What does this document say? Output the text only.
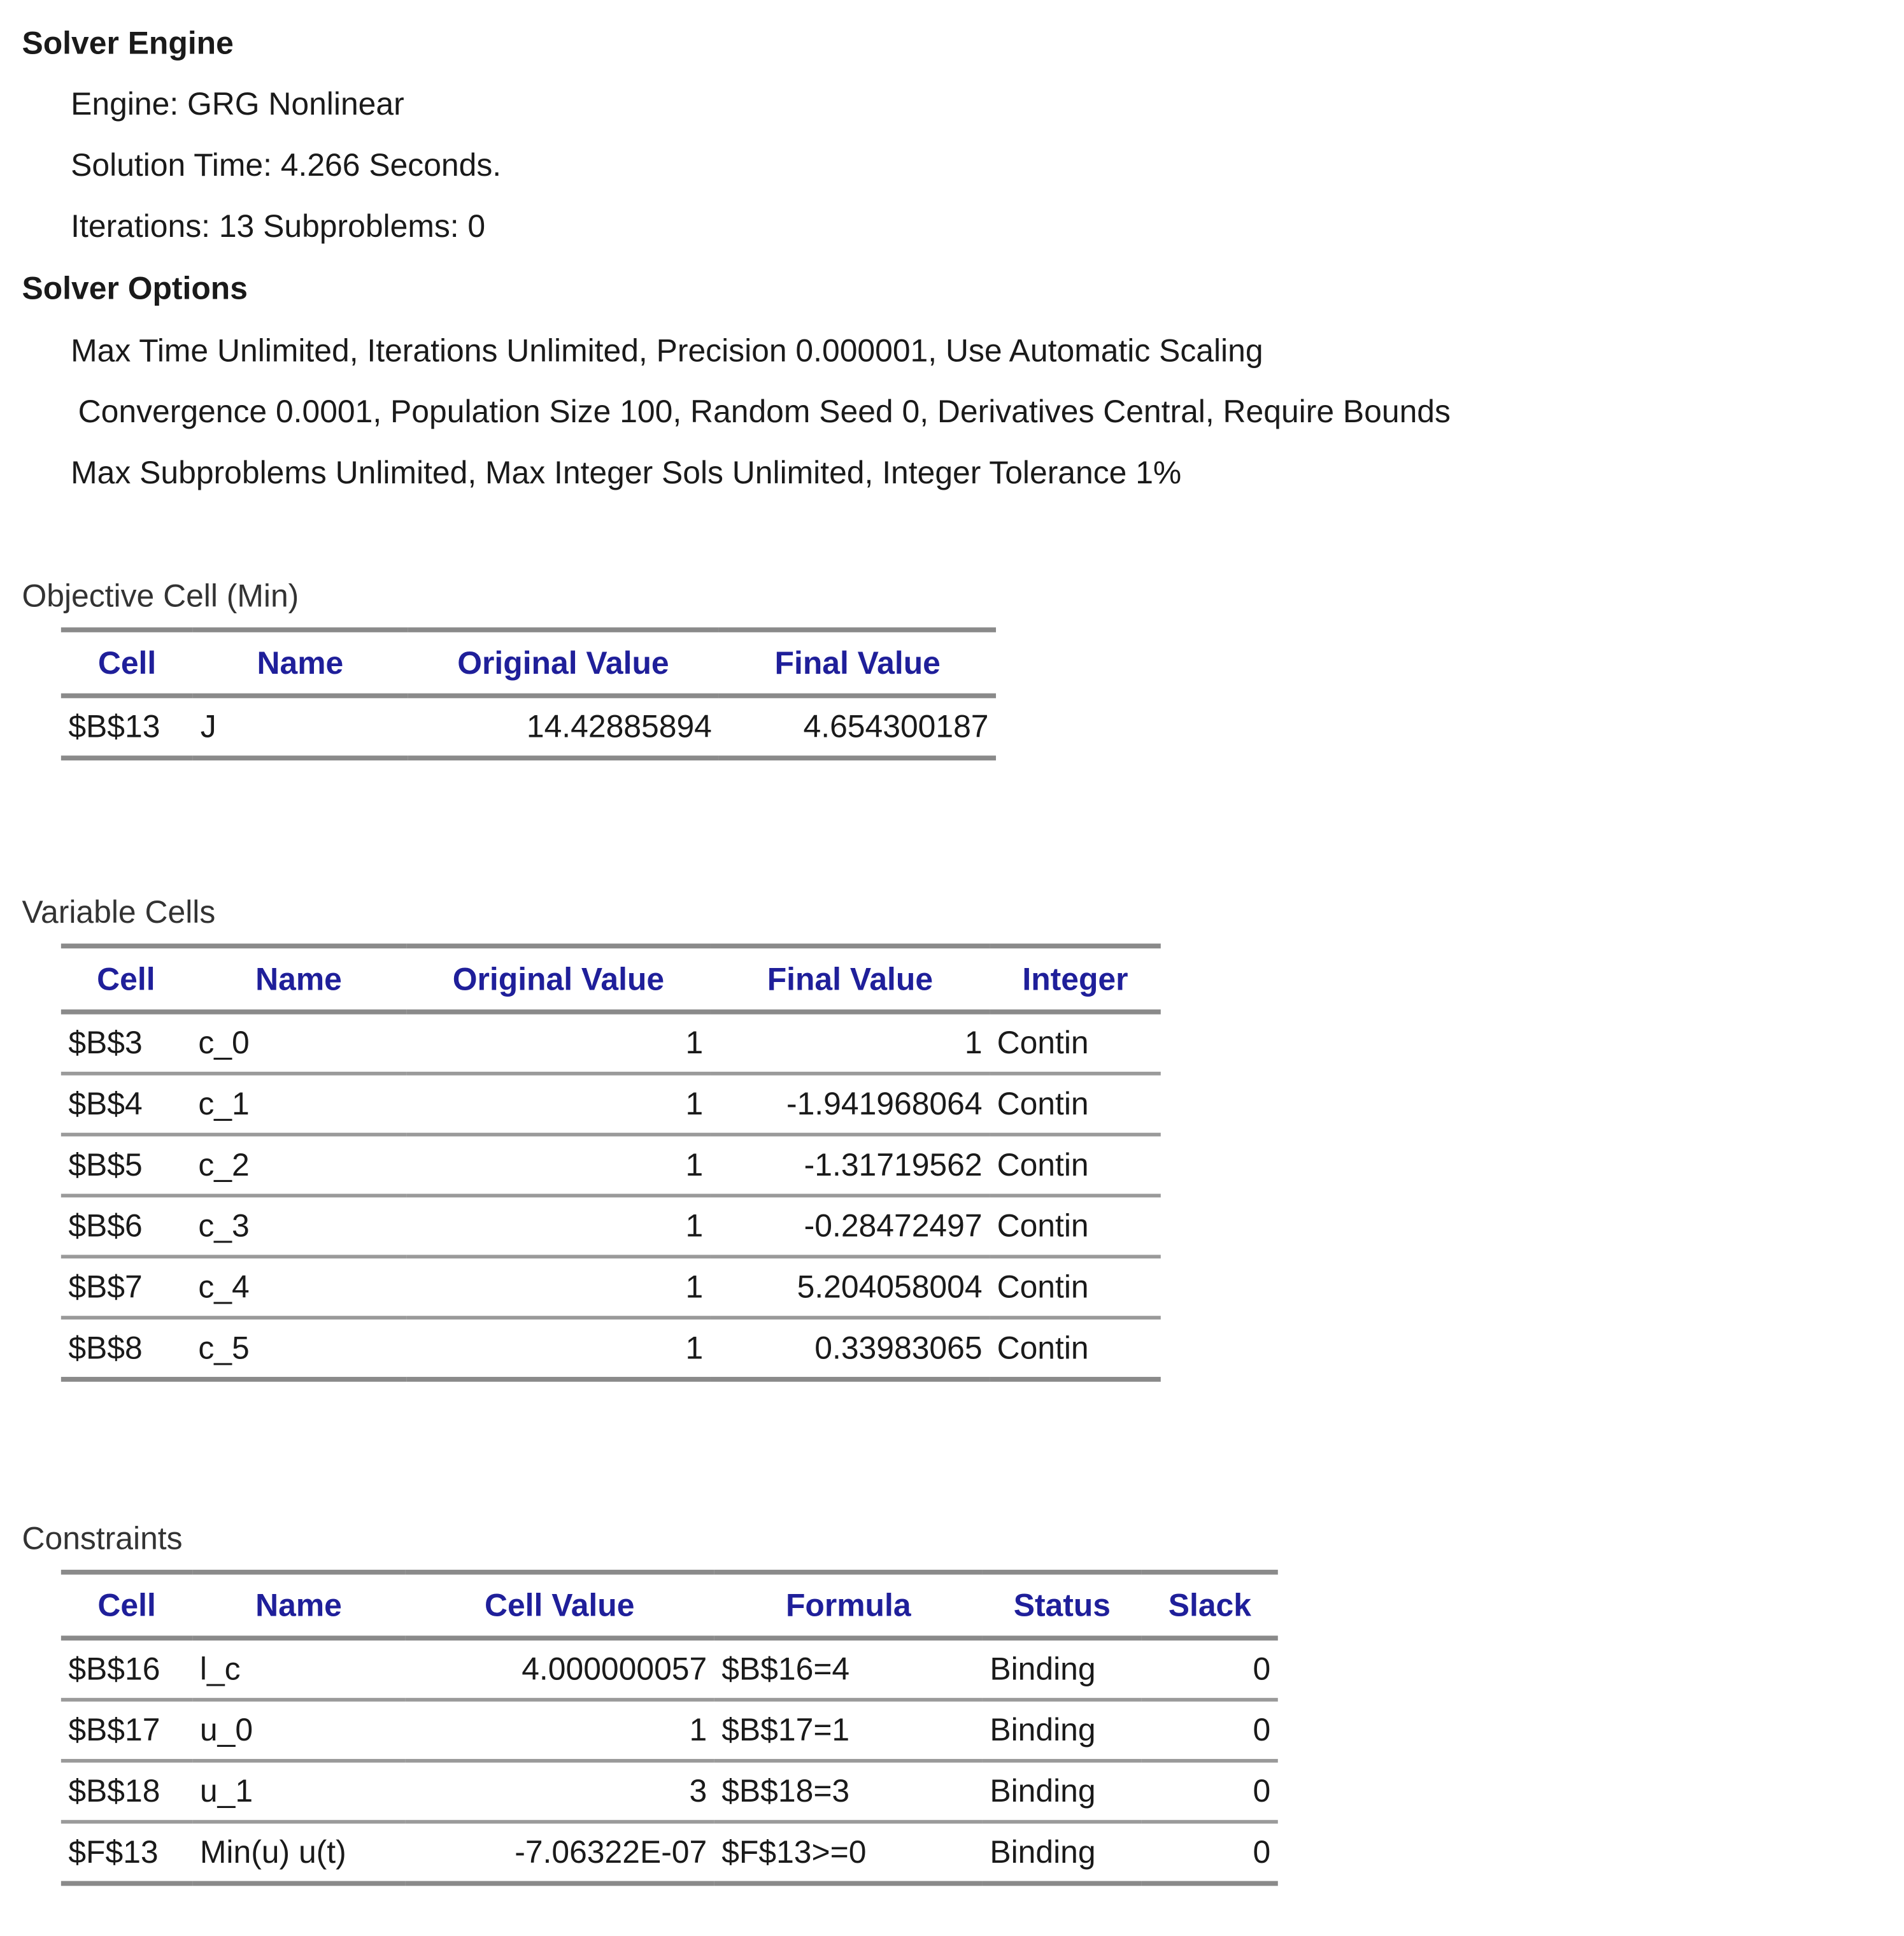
Solver Engine
Engine: GRG Nonlinear
Solution Time: 4.266 Seconds.
Iterations: 13 Subproblems: 0
Solver Options
Max Time Unlimited, Iterations Unlimited, Precision 0.000001, Use Automatic Scaling
Convergence 0.0001, Population Size 100, Random Seed 0, Derivatives Central, Require Bounds
Max Subproblems Unlimited, Max Integer Sols Unlimited, Integer Tolerance 1%
Objective Cell (Min)
Cell	Name	Original Value	Final Value
$B$13	J	14.42885894	4.654300187
Variable Cells
Cell	Name	Original Value	Final Value	Integer
$B$3	c_0	1	1	Contin
$B$4	c_1	1	-1.941968064	Contin
$B$5	c_2	1	-1.31719562	Contin
$B$6	c_3	1	-0.28472497	Contin
$B$7	c_4	1	5.204058004	Contin
$B$8	c_5	1	0.33983065	Contin
Constraints
Cell	Name	Cell Value	Formula	Status	Slack
$B$16	l_c	4.000000057	$B$16=4	Binding	0
$B$17	u_0	1	$B$17=1	Binding	0
$B$18	u_1	3	$B$18=3	Binding	0
$F$13	Min(u) u(t)	-7.06322E-07	$F$13>=0	Binding	0
